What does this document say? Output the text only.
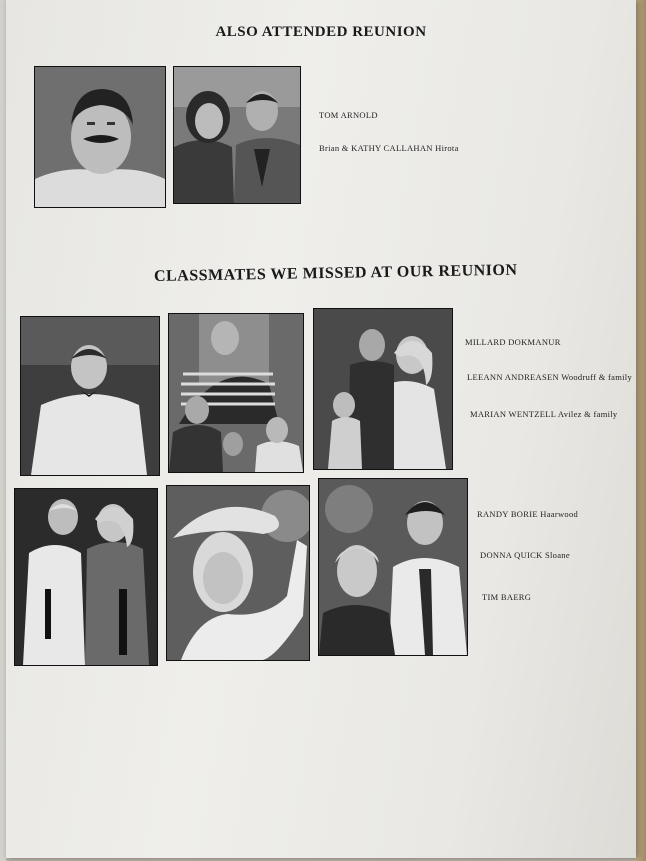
ALSO ATTENDED REUNION
TOM ARNOLD
Brian & KATHY CALLAHAN Hirota
CLASSMATES WE MISSED AT OUR REUNION
MILLARD DOKMANUR
LEEANN ANDREASEN Woodruff & family
MARIAN WENTZELL Avilez & family
RANDY BORIE Haarwood
DONNA QUICK Sloane
TIM BAERG
